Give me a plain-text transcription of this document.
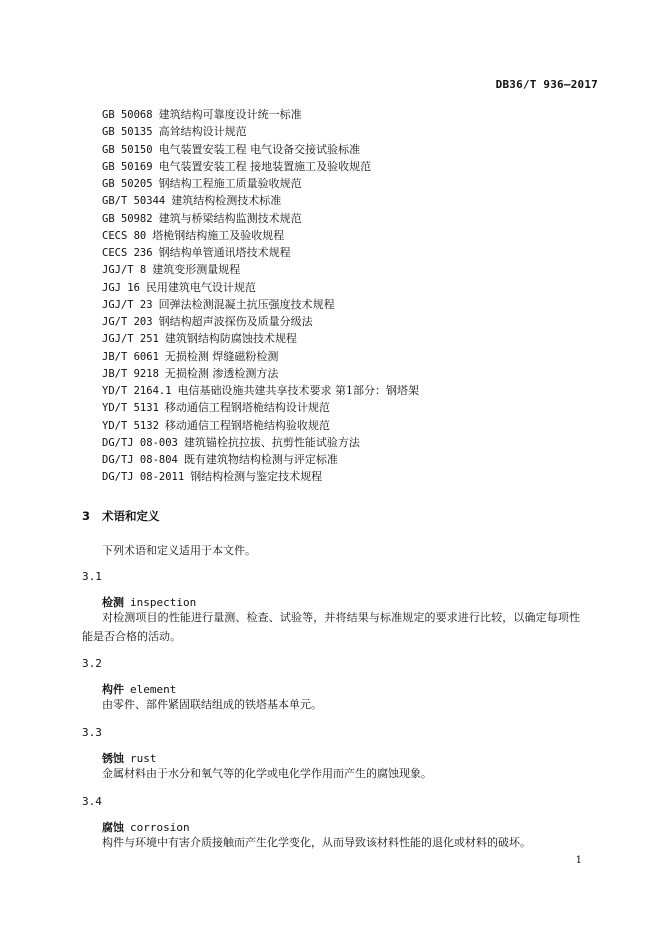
DB36/T 936—2017
GB 50068 建筑结构可靠度设计统一标准
GB 50135 高耸结构设计规范
GB 50150 电气装置安装工程 电气设备交接试验标准
GB 50169 电气装置安装工程 接地装置施工及验收规范
GB 50205 钢结构工程施工质量验收规范
GB/T 50344 建筑结构检测技术标准
GB 50982 建筑与桥梁结构监测技术规范
CECS 80 塔桅钢结构施工及验收规程
CECS 236 钢结构单管通讯塔技术规程
JGJ/T 8 建筑变形测量规程
JGJ 16 民用建筑电气设计规范
JGJ/T 23 回弹法检测混凝土抗压强度技术规程
JG/T 203 钢结构超声波探伤及质量分级法
JGJ/T 251 建筑钢结构防腐蚀技术规程
JB/T 6061 无损检测 焊缝磁粉检测
JB/T 9218 无损检测 渗透检测方法
YD/T 2164.1 电信基础设施共建共享技术要求 第1部分：钢塔架
YD/T 5131 移动通信工程钢塔桅结构设计规范
YD/T 5132 移动通信工程钢塔桅结构验收规范
DG/TJ 08-003 建筑锚栓抗拉拔、抗剪性能试验方法
DG/TJ 08-804 既有建筑物结构检测与评定标准
DG/TJ 08-2011 钢结构检测与鉴定技术规程
3 术语和定义
下列术语和定义适用于本文件。
3.1
检测 inspection
对检测项目的性能进行量测、检查、试验等，并将结果与标准规定的要求进行比较，以确定每项性能是否合格的活动。
3.2
构件 element
由零件、部件紧固联结组成的铁塔基本单元。
3.3
锈蚀 rust
金属材料由于水分和氧气等的化学或电化学作用而产生的腐蚀现象。
3.4
腐蚀 corrosion
构件与环境中有害介质接触而产生化学变化，从而导致该材料性能的退化或材料的破坏。
1
